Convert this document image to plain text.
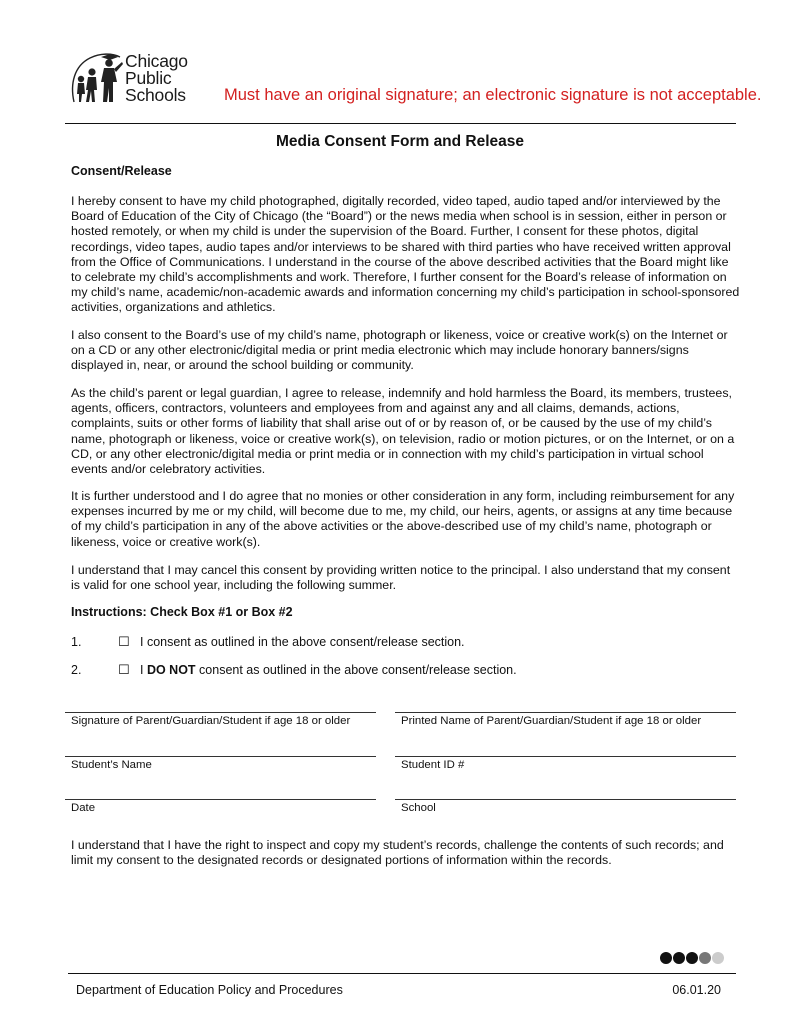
Chicago
Public
Schools Must have an original signature; an electronic signature is not acceptable.
Media Consent Form and Release
Consent/Release

I hereby consent to have my child photographed, digitally recorded, video taped, audio taped and/or interviewed by the Board of Education of the City of Chicago (the “Board”) or the news media when school is in session, either in person or hosted remotely, or when my child is under the supervision of the Board. Further, I consent for these photos, digital recordings, video tapes, audio tapes and/or interviews to be shared with third parties who have received written approval from the Office of Communications. I understand in the course of the above described activities that the Board might like to celebrate my child’s accomplishments and work. Therefore, I further consent for the Board’s release of information on my child’s name, academic/non-academic awards and information concerning my child’s participation in school-sponsored activities, organizations and athletics.

I also consent to the Board’s use of my child’s name, photograph or likeness, voice or creative work(s) on the Internet or on a CD or any other electronic/digital media or print media electronic which may include honorary banners/signs displayed in, near, or around the school building or community.

As the child’s parent or legal guardian, I agree to release, indemnify and hold harmless the Board, its members, trustees, agents, officers, contractors, volunteers and employees from and against any and all claims, demands, actions, complaints, suits or other forms of liability that shall arise out of or by reason of, or be caused by the use of my child’s name, photograph or likeness, voice or creative work(s), on television, radio or motion pictures, or on the Internet, or on a CD, or any other electronic/digital media or print media or in connection with my child’s participation in virtual school events and/or celebratory activities.

It is further understood and I do agree that no monies or other consideration in any form, including reimbursement for any expenses incurred by me or my child, will become due to me, my child, our heirs, agents, or assigns at any time because of my child’s participation in any of the above activities or the above-described use of my child’s name, photograph or likeness, voice or creative work(s).

I understand that I may cancel this consent by providing written notice to the principal. I also understand that my consent is valid for one school year, including the following summer.

Instructions: Check Box #1 or Box #2
1.	☐ I consent as outlined in the above consent/release section.
2.	☐ I DO NOT consent as outlined in the above consent/release section.
Signature of Parent/Guardian/Student if age 18 or older	Printed Name of Parent/Guardian/Student if age 18 or older
Student’s Name	Student ID #
Date	School

I understand that I have the right to inspect and copy my student’s records, challenge the contents of such records; and limit my consent to the designated records or designated portions of information within the records.

Department of Education Policy and Procedures	06.01.20
